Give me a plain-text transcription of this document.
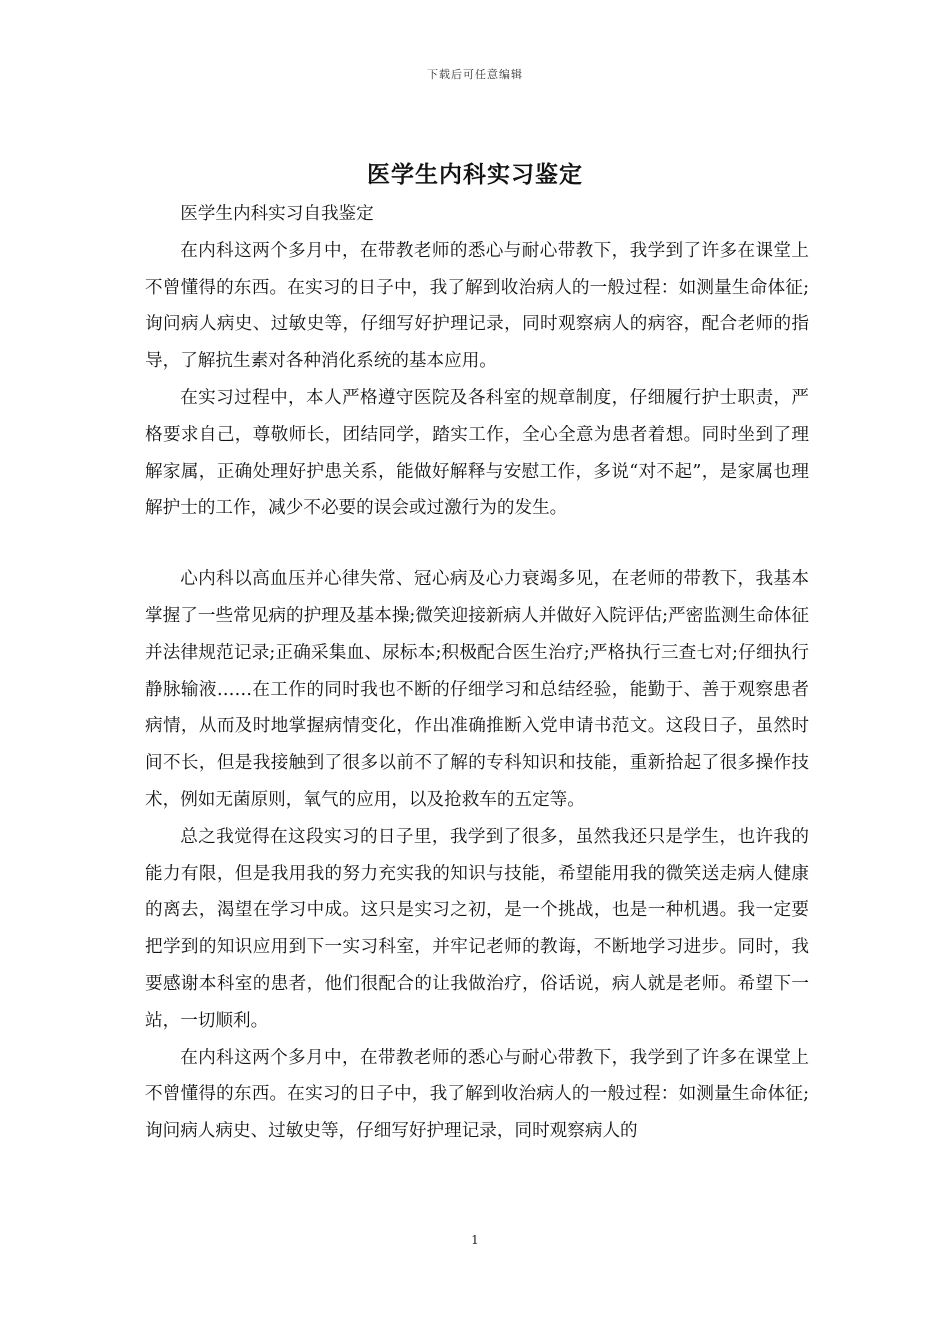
下载后可任意编辑
医学生内科实习鉴定

医学生内科实习自我鉴定

在内科这两个多月中，在带教老师的悉心与耐心带教下，我学到了许多在课堂上不曾懂得的东西。在实习的日子中，我了解到收治病人的一般过程：如测量生命体征;询问病人病史、过敏史等，仔细写好护理记录，同时观察病人的病容，配合老师的指导，了解抗生素对各种消化系统的基本应用。

在实习过程中，本人严格遵守医院及各科室的规章制度，仔细履行护士职责，严格要求自己，尊敬师长，团结同学，踏实工作，全心全意为患者着想。同时坐到了理解家属，正确处理好护患关系，能做好解释与安慰工作，多说“对不起”，是家属也理解护士的工作，减少不必要的误会或过激行为的发生。

心内科以高血压并心律失常、冠心病及心力衰竭多见，在老师的带教下，我基本掌握了一些常见病的护理及基本操;微笑迎接新病人并做好入院评估;严密监测生命体征并法律规范记录;正确采集血、尿标本;积极配合医生治疗;严格执行三查七对;仔细执行静脉输液……在工作的同时我也不断的仔细学习和总结经验，能勤于、善于观察患者病情，从而及时地掌握病情变化，作出准确推断入党申请书范文。这段日子，虽然时间不长，但是我接触到了很多以前不了解的专科知识和技能，重新拾起了很多操作技术，例如无菌原则，氧气的应用，以及抢救车的五定等。

总之我觉得在这段实习的日子里，我学到了很多，虽然我还只是学生，也许我的能力有限，但是我用我的努力充实我的知识与技能，希望能用我的微笑送走病人健康的离去，渴望在学习中成。这只是实习之初，是一个挑战，也是一种机遇。我一定要把学到的知识应用到下一实习科室，并牢记老师的教诲，不断地学习进步。同时，我要感谢本科室的患者，他们很配合的让我做治疗，俗话说，病人就是老师。希望下一站，一切顺利。

在内科这两个多月中，在带教老师的悉心与耐心带教下，我学到了许多在课堂上不曾懂得的东西。在实习的日子中，我了解到收治病人的一般过程：如测量生命体征;询问病人病史、过敏史等，仔细写好护理记录，同时观察病人的

1
